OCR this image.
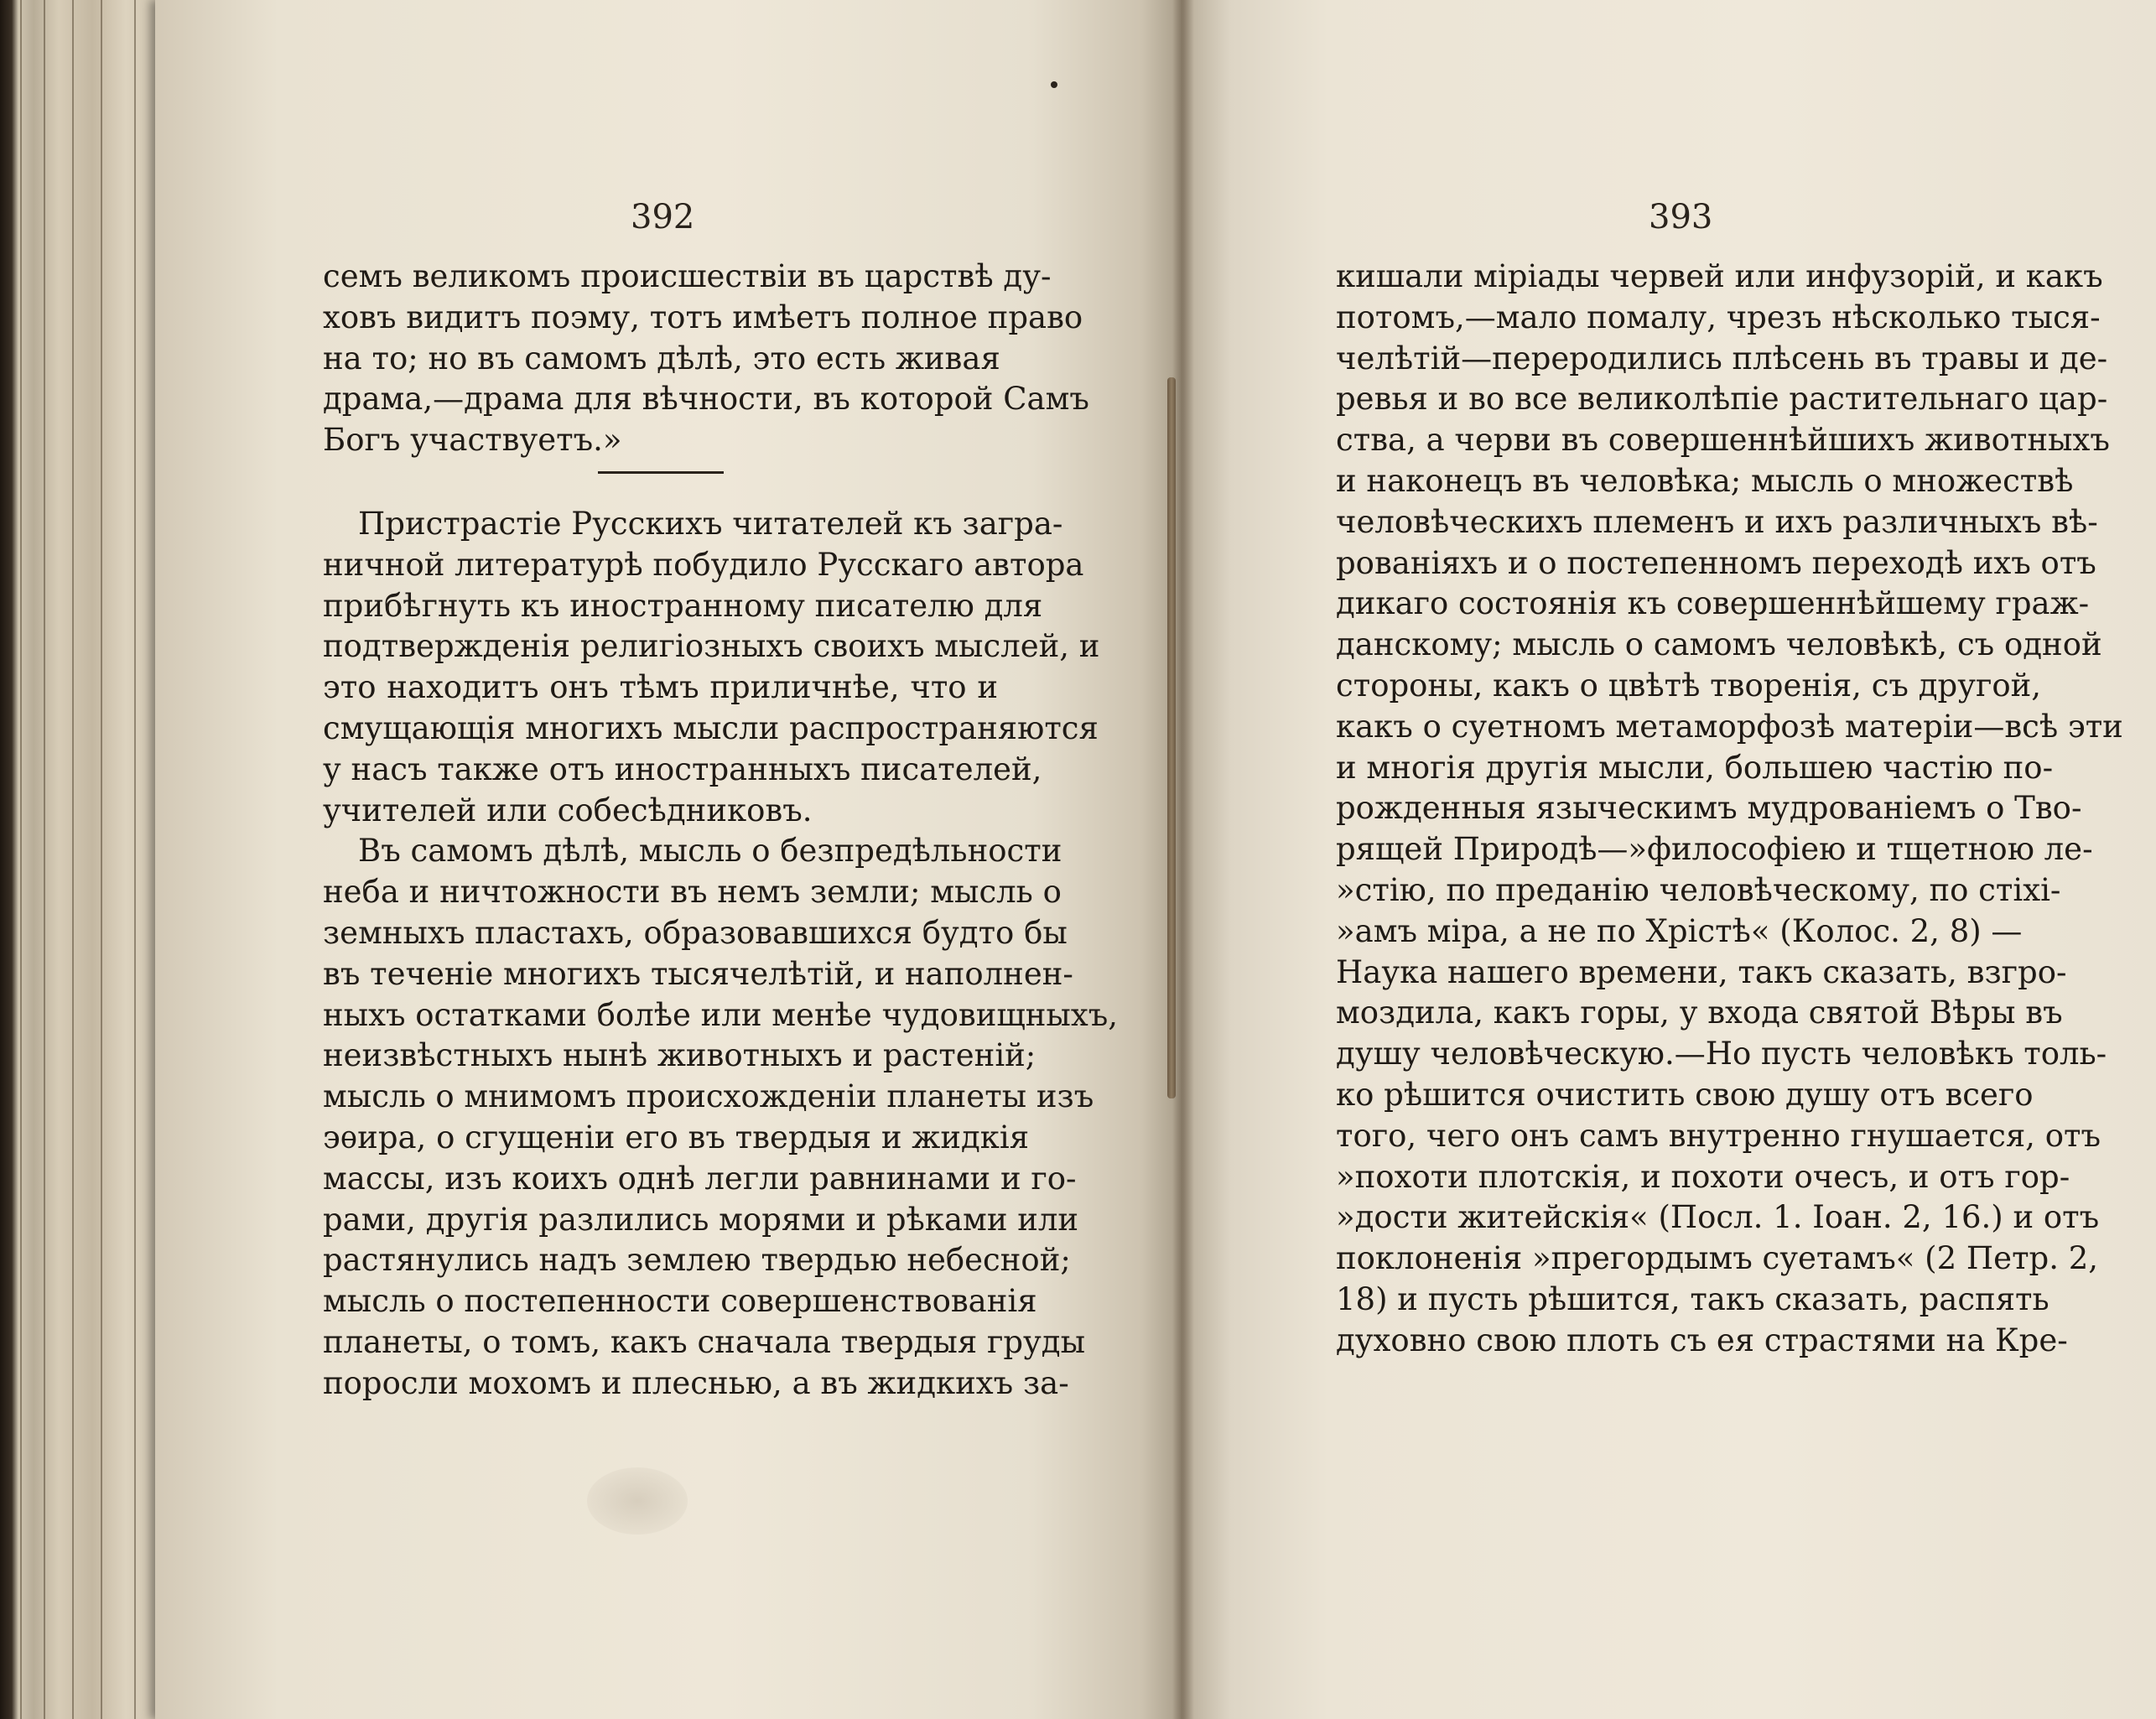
392	393
семъ великомъ происшествiи въ царствѣ ду-
ховъ видитъ поэму, тотъ имѣетъ полное право
на то; но въ самомъ дѣлѣ, это есть живая
драма,—драма для вѣчности, въ которой Самъ
Богъ участвуетъ.»
Пристрастiе Русскихъ читателей къ загра-
ничной литературѣ побудило Русскаго автора
прибѣгнуть къ иностранному писателю для
подтвержденiя религiозныхъ своихъ мыслей, и
это находитъ онъ тѣмъ приличнѣе, что и
смущающiя многихъ мысли распространяются
у насъ также отъ иностранныхъ писателей,
учителей или собесѣдниковъ.
Въ самомъ дѣлѣ, мысль о безпредѣльности
неба и ничтожности въ немъ земли; мысль о
земныхъ пластахъ, образовавшихся будто бы
въ теченiе многихъ тысячелѣтiй, и наполнен-
ныхъ остатками болѣе или менѣе чудовищныхъ,
неизвѣстныхъ нынѣ животныхъ и растенiй;
мысль о мнимомъ происхожденiи планеты изъ
эѳира, о сгущенiи его въ твердыя и жидкiя
массы, изъ коихъ однѣ легли равнинами и го-
рами, другiя разлились морями и рѣками или
растянулись надъ землею твердью небесной;
мысль о постепенности совершенствованiя
планеты, о томъ, какъ сначала твердыя груды
поросли мохомъ и плеснью, а въ жидкихъ за-
кишали мiрiады червей или инфузорiй, и какъ
потомъ,—мало помалу, чрезъ нѣсколько тыся-
челѣтiй—переродились плѣсень въ травы и де-
ревья и во все великолѣпiе растительнаго цар-
ства, а черви въ совершеннѣйшихъ животныхъ
и наконецъ въ человѣка; мысль о множествѣ
человѣческихъ племенъ и ихъ различныхъ вѣ-
рованiяхъ и о постепенномъ переходѣ ихъ отъ
дикаго состоянiя къ совершеннѣйшему граж-
данскому; мысль о самомъ человѣкѣ, съ одной
стороны, какъ о цвѣтѣ творенiя, съ другой,
какъ о суетномъ метаморфозѣ матерiи—всѣ эти
и многiя другiя мысли, большею частiю по-
рожденныя языческимъ мудрованiемъ о Тво-
рящей Природѣ—»философiею и тщетною ле-
»стiю, по преданiю человѣческому, по стiхi-
»амъ мiра, а не по Хрiстѣ« (Колос. 2, 8) —
Наука нашего времени, такъ сказать, взгро-
моздила, какъ горы, у входа святой Вѣры въ
душу человѣческую.—Но пусть человѣкъ толь-
ко рѣшится очистить свою душу отъ всего
того, чего онъ самъ внутренно гнушается, отъ
»похоти плотскiя, и похоти очесъ, и отъ гор-
»дости житейскiя« (Посл. 1. Iоан. 2, 16.) и отъ
поклоненiя »прегордымъ суетамъ« (2 Петр. 2,
18) и пусть рѣшится, такъ сказать, распять
духовно свою плоть съ ея страстями на Кре-
